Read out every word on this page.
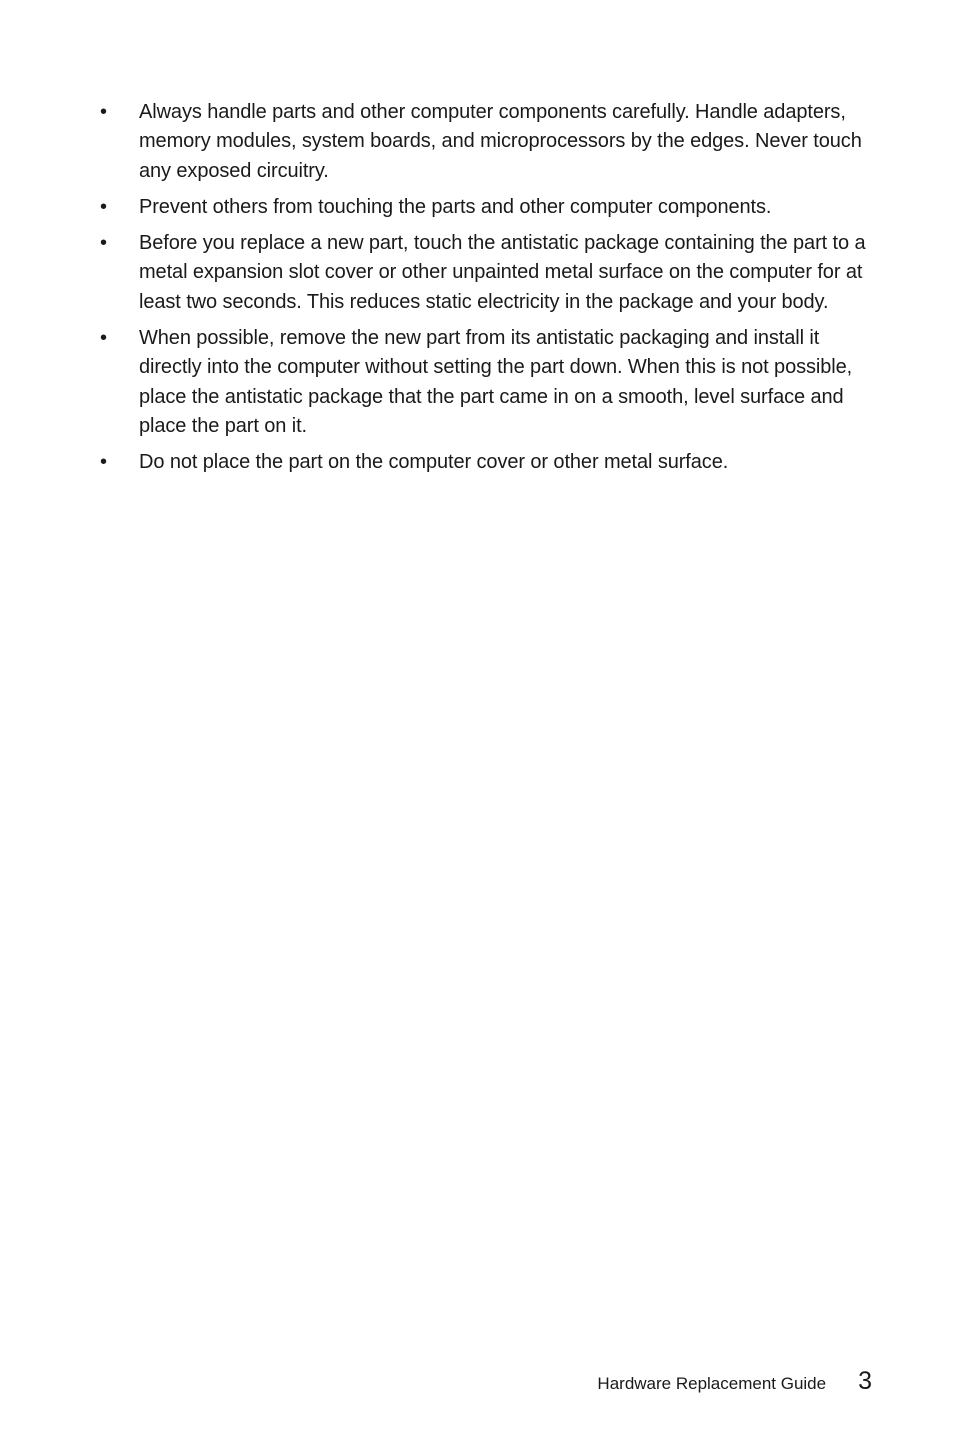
•	Always handle parts and other computer components carefully. Handle adapters, memory modules, system boards, and microprocessors by the edges. Never touch any exposed circuitry.
•	Prevent others from touching the parts and other computer components.
•	Before you replace a new part, touch the antistatic package containing the part to a metal expansion slot cover or other unpainted metal surface on the computer for at least two seconds. This reduces static electricity in the package and your body.
•	When possible, remove the new part from its antistatic packaging and install it directly into the computer without setting the part down. When this is not possible, place the antistatic package that the part came in on a smooth, level surface and place the part on it.
•	Do not place the part on the computer cover or other metal surface.
Hardware Replacement Guide 3
